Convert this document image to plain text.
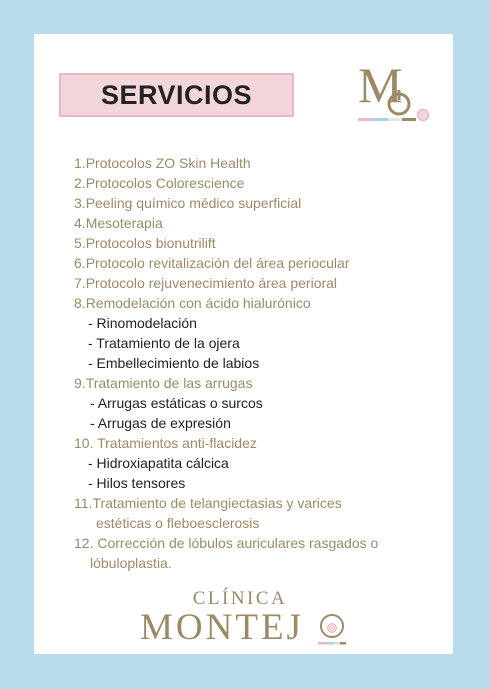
SERVICIOS M
1.Protocolos ZO Skin Health
2.Protocolos Colorescience
3.Peeling químico médico superficial
4.Mesoterapia
5.Protocolos bionutrilift
6.Protocolo revitalización del área periocular
7.Protocolo rejuvenecimiento área perioral
8.Remodelación con ácido hialurónico
- Rinomodelación
- Tratamiento de la ojera
- Embellecimiento de labios
9.Tratamiento de las arrugas
- Arrugas estáticas o surcos
- Arrugas de expresión
10. Tratamientos anti-flacidez
- Hidroxiapatita cálcica
- Hilos tensores
11.Tratamiento de telangiectasias y varices
estéticas o fleboesclerosis
12. Corrección de lóbulos auriculares rasgados o
lóbuloplastia.
CLÍNICA
MONTEJ
